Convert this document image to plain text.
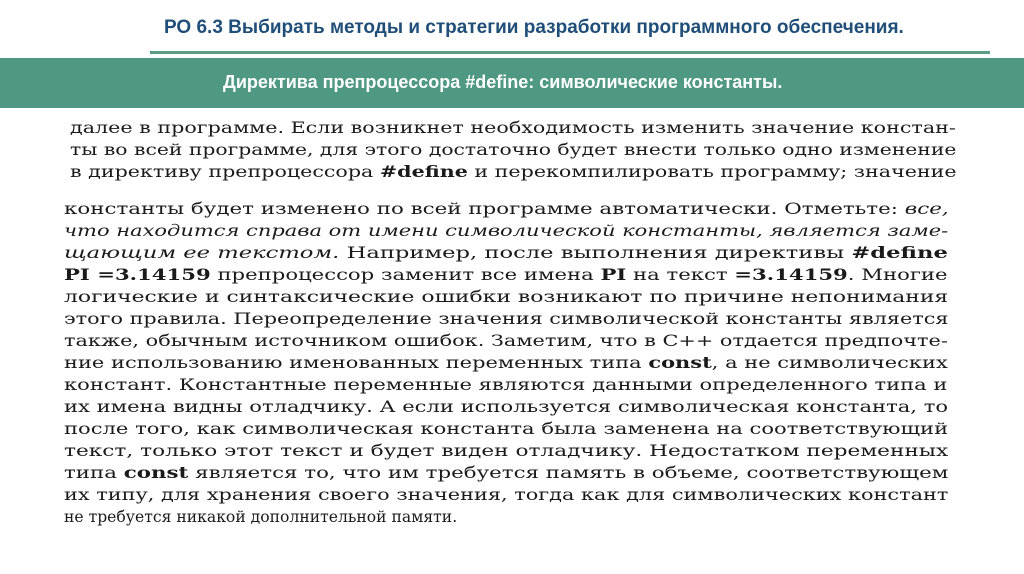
РО 6.3 Выбирать методы и стратегии разработки программного обеспечения.
Директива препроцессора #define: символические константы.
далее в программе. Если возникнет необходимость изменить значение констан-
ты во всей программе, для этого достаточно будет внести только одно изменение
в директиву препроцессора #define и перекомпилировать программу; значение
константы будет изменено по всей программе автоматически. Отметьте: все,
что находится справа от имени символической константы, является заме-
щающим ее текстом. Например, после выполнения директивы #define
PI =3.14159 препроцессор заменит все имена PI на текст =3.14159. Многие
логические и синтаксические ошибки возникают по причине непонимания
этого правила. Переопределение значения символической константы является
также, обычным источником ошибок. Заметим, что в С++ отдается предпочте-
ние использованию именованных переменных типа const, а не символических
констант. Константные переменные являются данными определенного типа и
их имена видны отладчику. А если используется символическая константа, то
после того, как символическая константа была заменена на соответствующий
текст, только этот текст и будет виден отладчику. Недостатком переменных
типа const является то, что им требуется память в объеме, соответствующем
их типу, для хранения своего значения, тогда как для символических констант
не требуется никакой дополнительной памяти.
